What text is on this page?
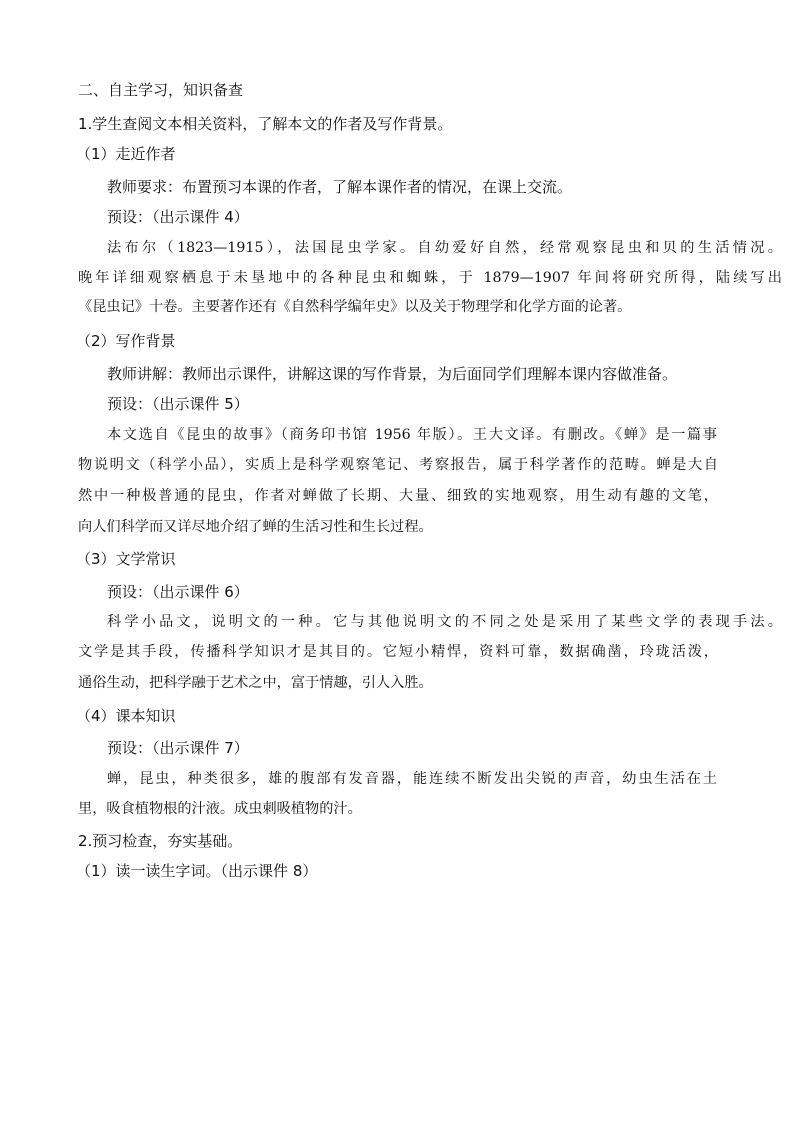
二、自主学习，知识备查
1.学生查阅文本相关资料，了解本文的作者及写作背景。
（1）走近作者
教师要求：布置预习本课的作者，了解本课作者的情况，在课上交流。
预设：（出示课件 4）
法布尔（1823—1915），法国昆虫学家。自幼爱好自然，经常观察昆虫和贝的生活情况。
晚年详细观察栖息于未垦地中的各种昆虫和蜘蛛，于 1879—1907 年间将研究所得，陆续写出
《昆虫记》十卷。主要著作还有《自然科学编年史》以及关于物理学和化学方面的论著。
（2）写作背景
教师讲解：教师出示课件，讲解这课的写作背景，为后面同学们理解本课内容做准备。
预设：（出示课件 5）
本文选自《昆虫的故事》（商务印书馆 1956 年版）。王大文译。有删改。《蝉》是一篇事
物说明文（科学小品），实质上是科学观察笔记、考察报告，属于科学著作的范畴。蝉是大自
然中一种极普通的昆虫，作者对蝉做了长期、大量、细致的实地观察，用生动有趣的文笔，
向人们科学而又详尽地介绍了蝉的生活习性和生长过程。
（3）文学常识
预设：（出示课件 6）
科学小品文，说明文的一种。它与其他说明文的不同之处是采用了某些文学的表现手法。
文学是其手段，传播科学知识才是其目的。它短小精悍，资料可靠，数据确凿，玲珑活泼，
通俗生动，把科学融于艺术之中，富于情趣，引人入胜。
（4）课本知识
预设：（出示课件 7）
蝉，昆虫，种类很多，雄的腹部有发音器，能连续不断发出尖锐的声音，幼虫生活在土
里，吸食植物根的汁液。成虫刺吸植物的汁。
2.预习检查，夯实基础。
（1）读一读生字词。（出示课件 8）
